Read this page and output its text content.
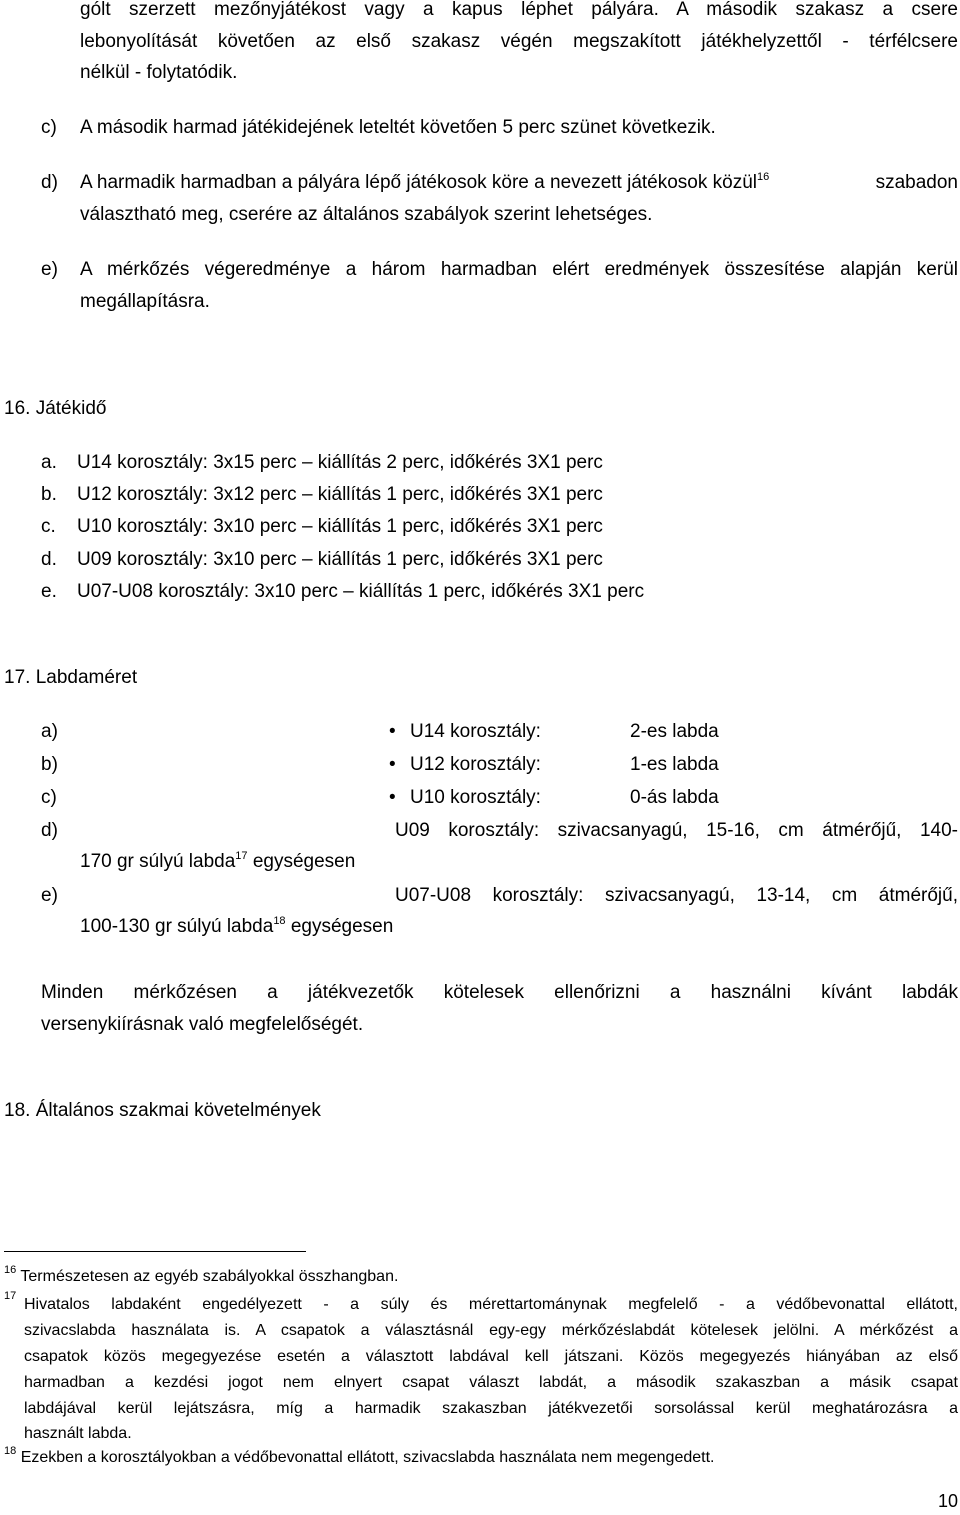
gólt szerzett mezőnyjátékost vagy a kapus léphet pályára. A második szakasz a csere
lebonyolítását követően az első szakasz végén megszakított játékhelyzettől - térfélcsere
nélkül - folytatódik.
c) A második harmad játékidejének leteltét követően 5 perc szünet következik.
d) A harmadik harmadban a pályára lépő játékosok köre a nevezett játékosok közül$^{16}$	szabadon
választható meg, cserére az általános szabályok szerint lehetséges.
e) A mérkőzés végeredménye a három harmadban elért eredmények összesítése alapján kerül
megállapításra.
16. Játékidő
a. U14 korosztály: 3x15 perc – kiállítás 2 perc, időkérés 3X1 perc
b. U12 korosztály: 3x12 perc – kiállítás 1 perc, időkérés 3X1 perc
c. U10 korosztály: 3x10 perc – kiállítás 1 perc, időkérés 3X1 perc
d. U09 korosztály: 3x10 perc – kiállítás 1 perc, időkérés 3X1 perc
e. U07-U08 korosztály: 3x10 perc – kiállítás 1 perc, időkérés 3X1 perc
17. Labdaméret
a)	• U14 korosztály:	2-es labda
b)	• U12 korosztály:	1-es labda
c)	• U10 korosztály:	0-ás labda
d)	U09 korosztály: szivacsanyagú, 15-16, cm átmérőjű, 140-
170 gr súlyú labda$^{17}$ egységesen
e)	U07-U08 korosztály: szivacsanyagú, 13-14, cm átmérőjű,
100-130 gr súlyú labda$^{18}$ egységesen
Minden mérkőzésen a játékvezetők kötelesek ellenőrizni a használni kívánt labdák
versenykiírásnak való megfelelőségét.
18. Általános szakmai követelmények
$^{16}$ Természetesen az egyéb szabályokkal összhangban.
$^{17}$ Hivatalos labdaként engedélyezett - a súly és mérettartománynak megfelelő - a védőbevonattal ellátott,
szivacslabda használata is. A csapatok a választásnál egy-egy mérkőzéslabdát kötelesek jelölni. A mérkőzést a
csapatok közös megegyezése esetén a választott labdával kell játszani. Közös megegyezés hiányában az első
harmadban a kezdési jogot nem elnyert csapat választ labdát, a második szakaszban a másik csapat
labdájával kerül lejátszásra, míg a harmadik szakaszban játékvezetői sorsolással kerül meghatározásra a
használt labda.
$^{18}$ Ezekben a korosztályokban a védőbevonattal ellátott, szivacslabda használata nem megengedett.
10
